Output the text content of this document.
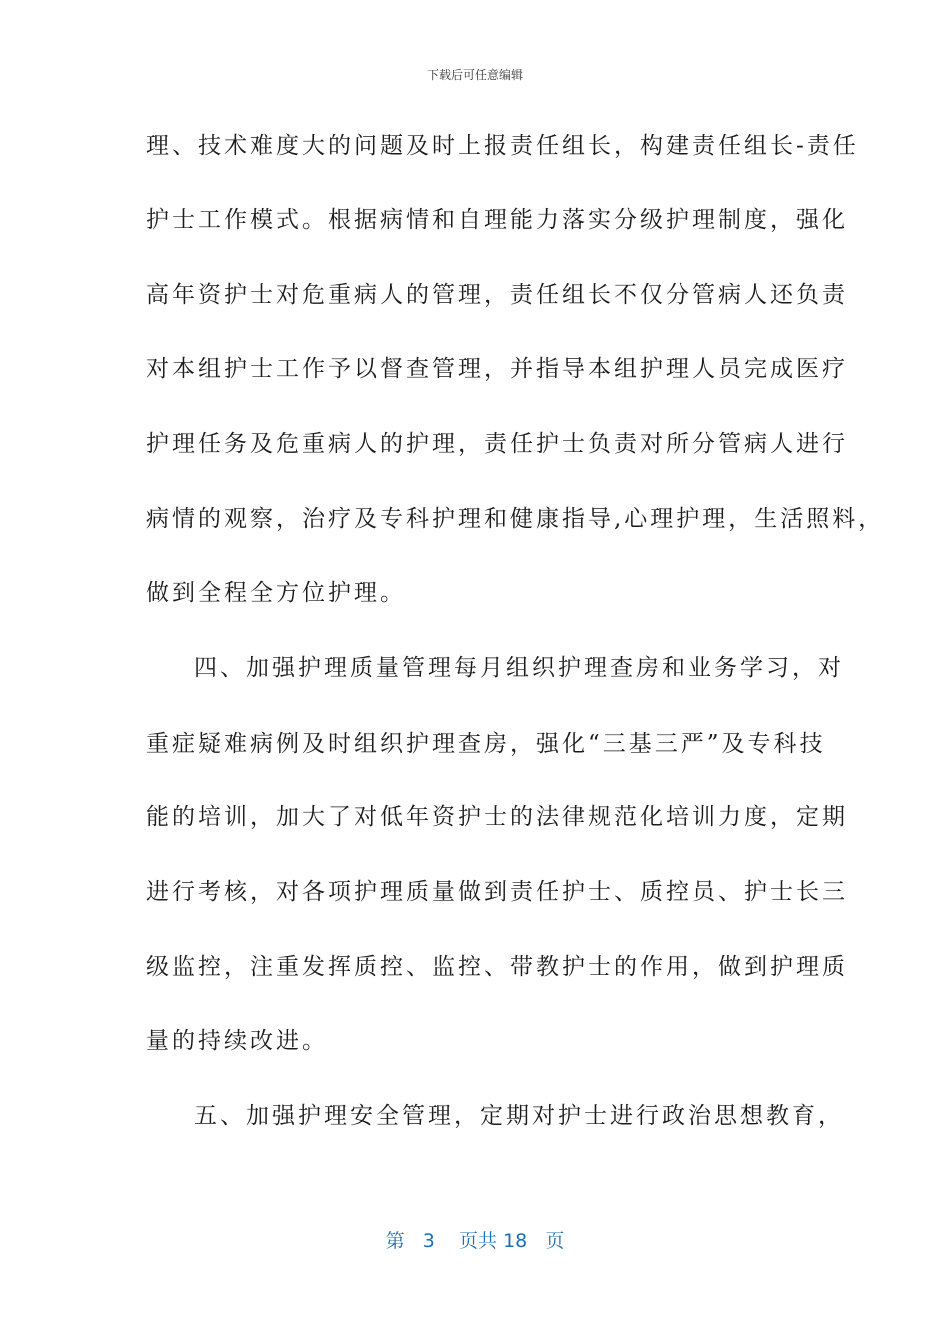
下载后可任意编辑
理、技术难度大的问题及时上报责任组长，构建责任组长-责任
护士工作模式。根据病情和自理能力落实分级护理制度，强化
高年资护士对危重病人的管理，责任组长不仅分管病人还负责
对本组护士工作予以督查管理，并指导本组护理人员完成医疗
护理任务及危重病人的护理，责任护士负责对所分管病人进行
病情的观察，治疗及专科护理和健康指导,心理护理，生活照料，
做到全程全方位护理。
四、加强护理质量管理每月组织护理查房和业务学习，对
重症疑难病例及时组织护理查房，强化“三基三严”及专科技
能的培训，加大了对低年资护士的法律规范化培训力度，定期
进行考核，对各项护理质量做到责任护士、质控员、护士长三
级监控，注重发挥质控、监控、带教护士的作用，做到护理质
量的持续改进。
五、加强护理安全管理，定期对护士进行政治思想教育，
第 3 页共 18 页
